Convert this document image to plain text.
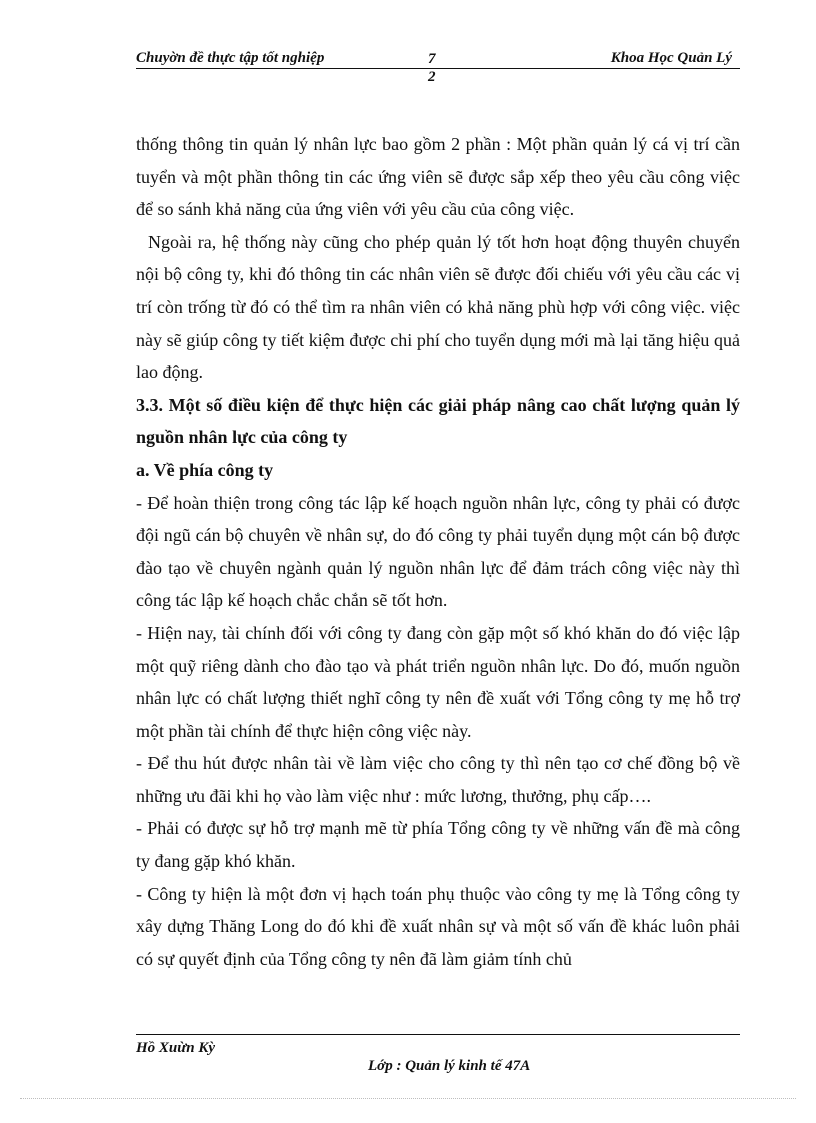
Chuyờn đề thực tập tốt nghiệp	7
2
Khoa Học Quản Lý

thống thông tin quản lý nhân lực bao gồm 2 phần : Một phần quản lý cá vị trí cần tuyển và một phần thông tin các ứng viên sẽ được sắp xếp theo yêu cầu công việc để so sánh khả năng của ứng viên với yêu cầu của công việc.

Ngoài ra, hệ thống này cũng cho phép quản lý tốt hơn hoạt động thuyên chuyển nội bộ công ty, khi đó thông tin các nhân viên sẽ được đối chiếu với yêu cầu các vị trí còn trống từ đó có thể tìm ra nhân viên có khả năng phù hợp với công việc. việc này sẽ giúp công ty tiết kiệm được chi phí cho tuyển dụng mới mà lại tăng hiệu quả lao động.

3.3. Một số điều kiện để thực hiện các giải pháp nâng cao chất lượng quản lý nguồn nhân lực của công ty

a. Về phía công ty

- Để hoàn thiện trong công tác lập kế hoạch nguồn nhân lực, công ty phải có được đội ngũ cán bộ chuyên về nhân sự, do đó công ty phải tuyển dụng một cán bộ được đào tạo về chuyên ngành quản lý nguồn nhân lực để đảm trách công việc này thì công tác lập kế hoạch chắc chắn sẽ tốt hơn.

- Hiện nay, tài chính đối với công ty đang còn gặp một số khó khăn do đó việc lập một quỹ riêng dành cho đào tạo và phát triển nguồn nhân lực. Do đó, muốn nguồn nhân lực có chất lượng thiết nghĩ công ty nên đề xuất với Tổng công ty mẹ hỗ trợ một phần tài chính để thực hiện công việc này.

- Để thu hút được nhân tài về làm việc cho công ty thì nên tạo cơ chế đồng bộ về những ưu đãi khi họ vào làm việc như : mức lương, thưởng, phụ cấp….

- Phải có được sự hỗ trợ mạnh mẽ từ phía Tổng công ty về những vấn đề mà công ty đang gặp khó khăn.

- Công ty hiện là một đơn vị hạch toán phụ thuộc vào công ty mẹ là Tổng công ty xây dựng Thăng Long do đó khi đề xuất nhân sự và một số vấn đề khác luôn phải có sự quyết định của Tổng công ty nên đã làm giảm tính chủ

Hồ Xuừn Kỳ
Lớp : Quản lý kinh tế 47A
